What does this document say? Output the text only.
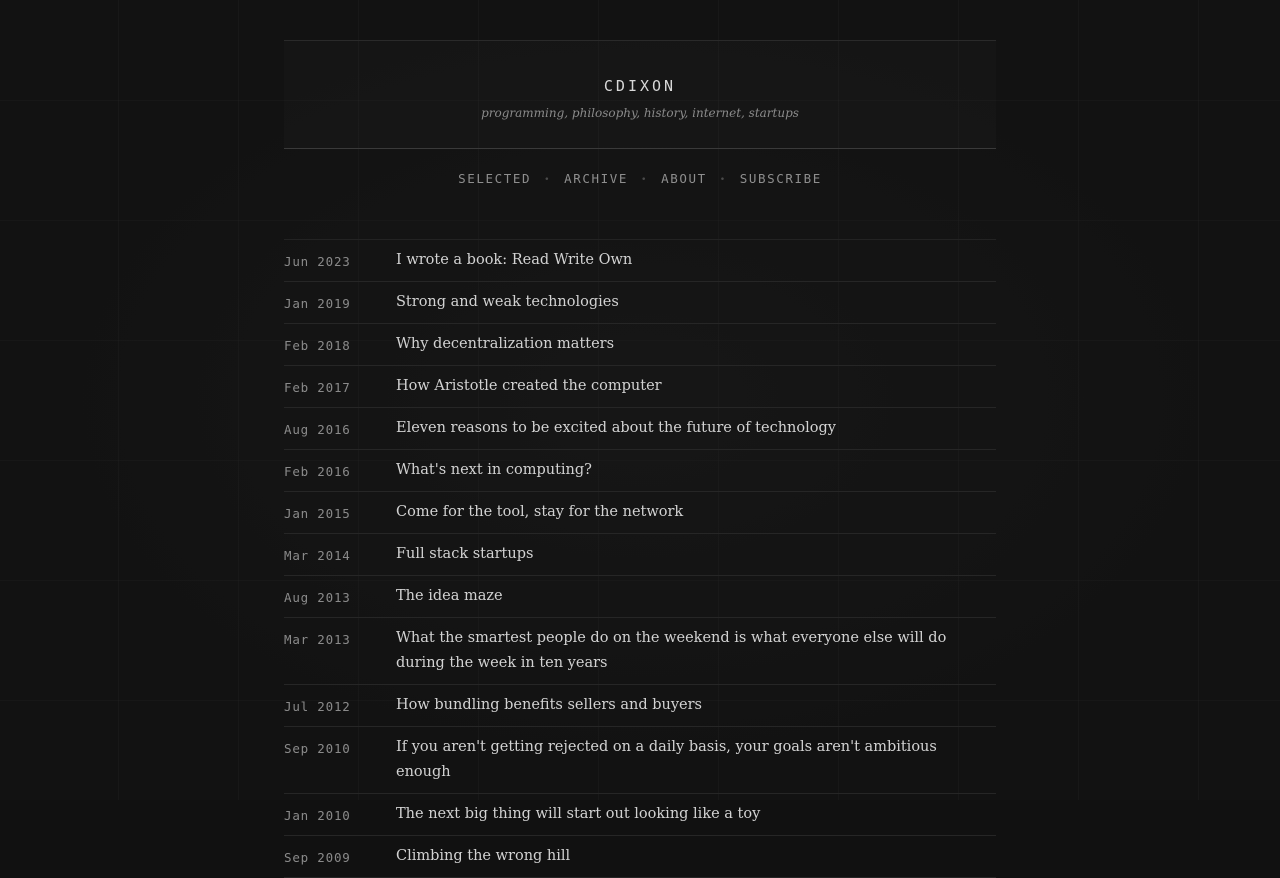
CDIXON
programming, philosophy, history, internet, startups
SELECTED • ARCHIVE • ABOUT • SUBSCRIBE
Jun 2023	I wrote a book: Read Write Own
Jan 2019	Strong and weak technologies
Feb 2018	Why decentralization matters
Feb 2017	How Aristotle created the computer
Aug 2016	Eleven reasons to be excited about the future of technology
Feb 2016	What's next in computing?
Jan 2015	Come for the tool, stay for the network
Mar 2014	Full stack startups
Aug 2013	The idea maze
Mar 2013	What the smartest people do on the weekend is what everyone else will do during the week in ten years
Jul 2012	How bundling benefits sellers and buyers
Sep 2010	If you aren't getting rejected on a daily basis, your goals aren't ambitious enough
Jan 2010	The next big thing will start out looking like a toy
Sep 2009	Climbing the wrong hill
